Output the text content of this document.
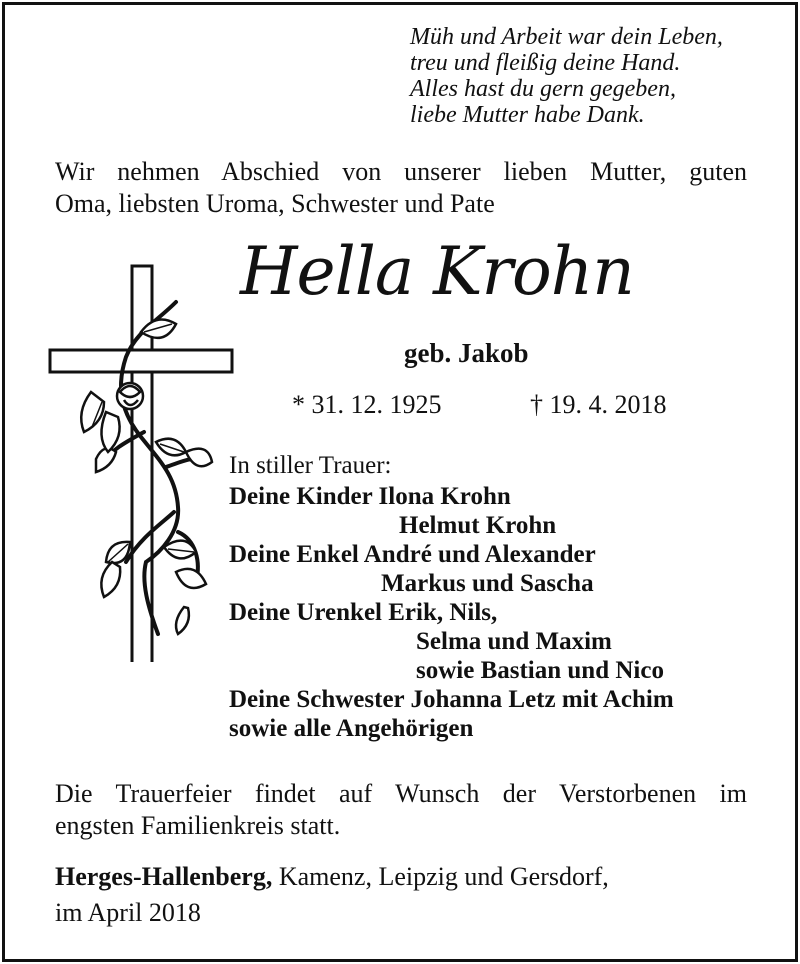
Müh und Arbeit war dein Leben,
treu und fleißig deine Hand.
Alles hast du gern gegeben,
liebe Mutter habe Dank.
Wir nehmen Abschied von unserer lieben Mutter, guten
Oma, liebsten Uroma, Schwester und Pate
Hella Krohn
geb. Jakob
* 31. 12. 1925	† 19. 4. 2018
In stiller Trauer:
Deine Kinder Ilona Krohn
Helmut Krohn
Deine Enkel André und Alexander
Markus und Sascha
Deine Urenkel Erik, Nils,
Selma und Maxim
sowie Bastian und Nico
Deine Schwester Johanna Letz mit Achim
sowie alle Angehörigen
Die Trauerfeier findet auf Wunsch der Verstorbenen im
engsten Familienkreis statt.
Herges-Hallenberg, Kamenz, Leipzig und Gersdorf,
im April 2018
